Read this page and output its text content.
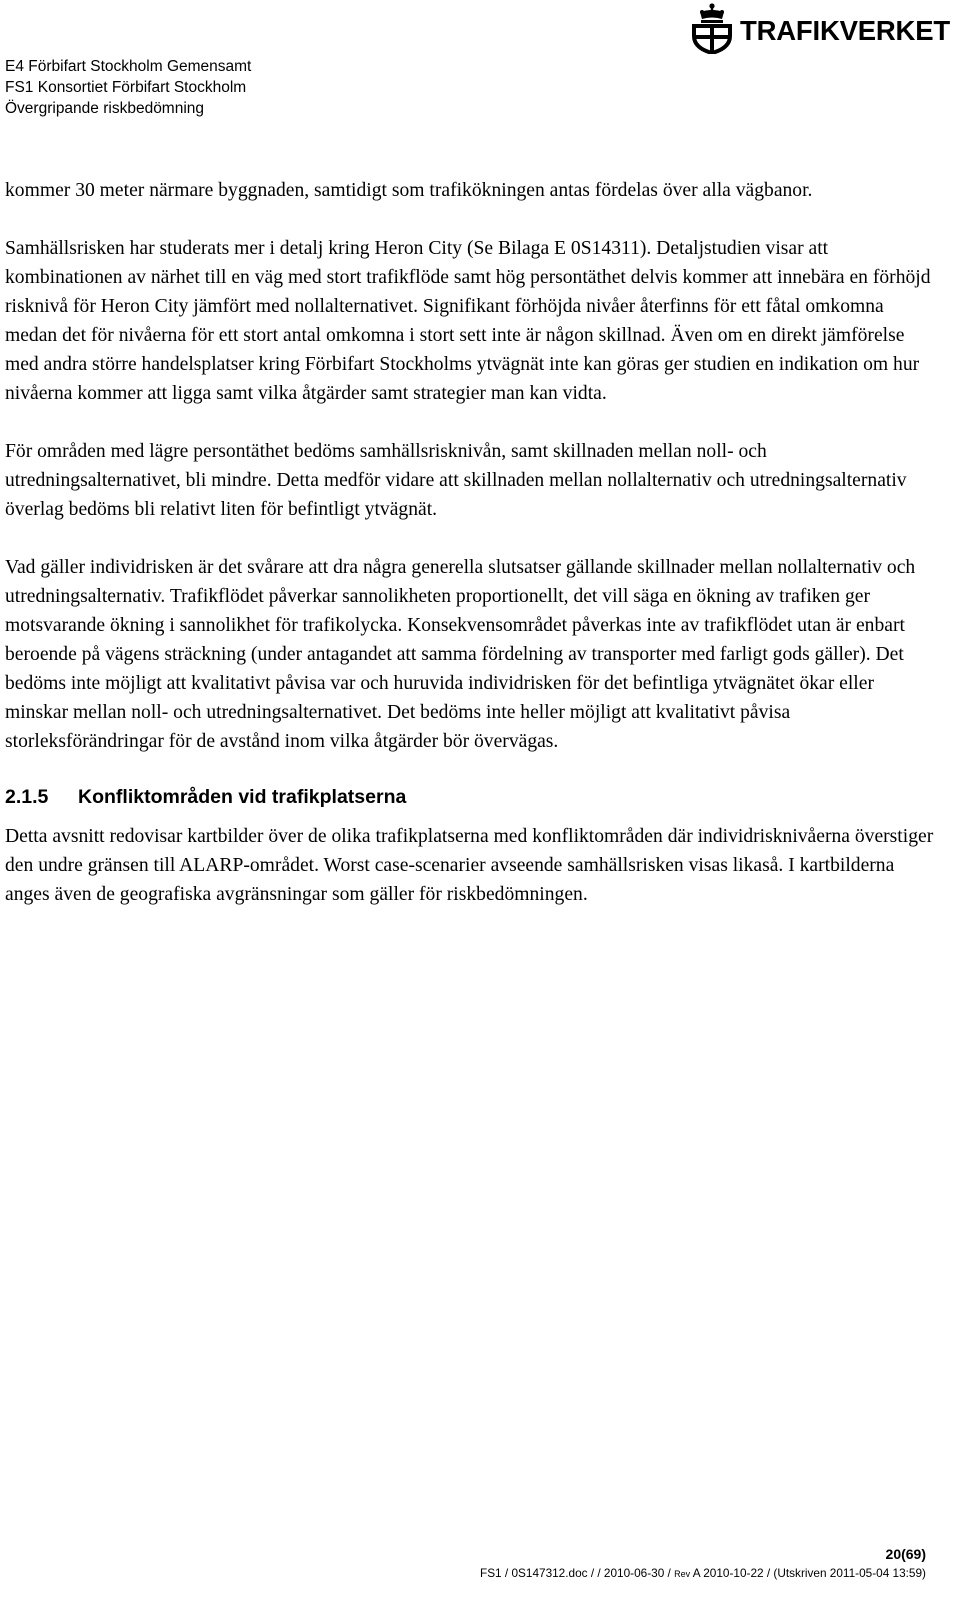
E4 Förbifart Stockholm Gemensamt
FS1 Konsortiet Förbifart Stockholm
Övergripande riskbedömning
TRAFIKVERKET

kommer 30 meter närmare byggnaden, samtidigt som trafikökningen antas fördelas över alla vägbanor.

Samhällsrisken har studerats mer i detalj kring Heron City (Se Bilaga E 0S14311). Detaljstudien visar att kombinationen av närhet till en väg med stort trafikflöde samt hög persontäthet delvis kommer att innebära en förhöjd risknivå för Heron City jämfört med nollalternativet. Signifikant förhöjda nivåer återfinns för ett fåtal omkomna medan det för nivåerna för ett stort antal omkomna i stort sett inte är någon skillnad. Även om en direkt jämförelse med andra större handelsplatser kring Förbifart Stockholms ytvägnät inte kan göras ger studien en indikation om hur nivåerna kommer att ligga samt vilka åtgärder samt strategier man kan vidta.

För områden med lägre persontäthet bedöms samhällsrisknivån, samt skillnaden mellan noll- och utredningsalternativet, bli mindre. Detta medför vidare att skillnaden mellan nollalternativ och utredningsalternativ överlag bedöms bli relativt liten för befintligt ytvägnät.

Vad gäller individrisken är det svårare att dra några generella slutsatser gällande skillnader mellan nollalternativ och utredningsalternativ. Trafikflödet påverkar sannolikheten proportionellt, det vill säga en ökning av trafiken ger motsvarande ökning i sannolikhet för trafikolycka. Konsekvensområdet påverkas inte av trafikflödet utan är enbart beroende på vägens sträckning (under antagandet att samma fördelning av transporter med farligt gods gäller). Det bedöms inte möjligt att kvalitativt påvisa var och huruvida individrisken för det befintliga ytvägnätet ökar eller minskar mellan noll- och utredningsalternativet. Det bedöms inte heller möjligt att kvalitativt påvisa storleksförändringar för de avstånd inom vilka åtgärder bör övervägas.

2.1.5	Konfliktområden vid trafikplatserna

Detta avsnitt redovisar kartbilder över de olika trafikplatserna med konfliktområden där individrisknivåerna överstiger den undre gränsen till ALARP-området. Worst case-scenarier avseende samhällsrisken visas likaså. I kartbilderna anges även de geografiska avgränsningar som gäller för riskbedömningen.

20(69)
FS1 / 0S147312.doc / / 2010-06-30 / Rev A 2010-10-22 / (Utskriven 2011-05-04 13:59)
